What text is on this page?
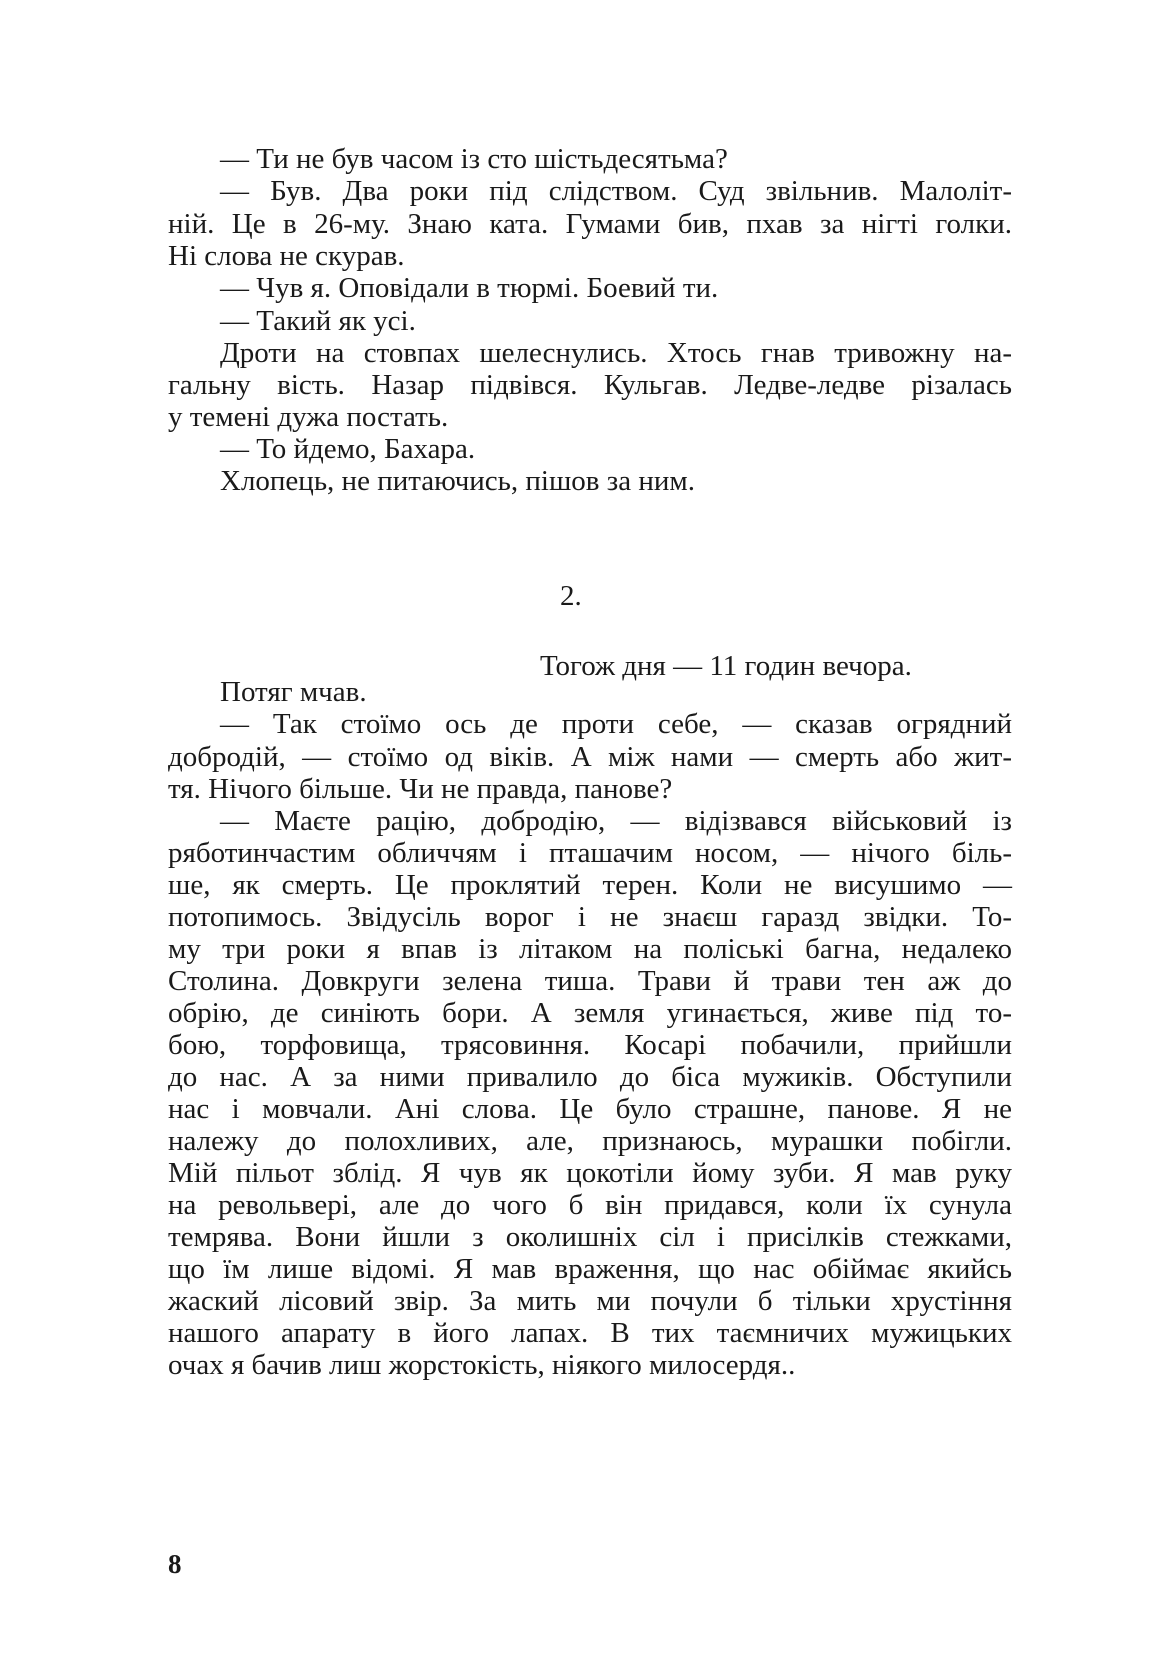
— Ти не був часом із сто шістьдесятьма?
— Був. Два роки під слідством. Суд звільнив. Малоліт-
ній. Це в 26-му. Знаю ката. Гумами бив, пхав за нігті голки.
Ні слова не скурав.
— Чув я. Оповідали в тюрмі. Боевий ти.
— Такий як усі.
Дроти на стовпах шелеснулись. Хтось гнав тривожну на-
гальну вість. Назар підвівся. Кульгав. Ледве-ледве різалась
у темені дужа постать.
— То йдемо, Бахара.
Хлопець, не питаючись, пішов за ним.
2.
Тогож дня — 11 годин вечора.
Потяг мчав.
— Так стоїмо ось де проти себе, — сказав огрядний
добродій, — стоїмо од віків. А між нами — смерть або жит-
тя. Нічого більше. Чи не правда, панове?
— Маєте рацію, добродію, — відізвався військовий із
ряботинчастим обличчям і пташачим носом, — нічого біль-
ше, як смерть. Це проклятий терен. Коли не висушимо —
потопимось. Звідусіль ворог і не знаєш гаразд звідки. То-
му три роки я впав із літаком на поліські багна, недалеко
Столина. Довкруги зелена тиша. Трави й трави тен аж до
обрію, де синіють бори. А земля угинається, живе під то-
бою, торфовища, трясовиння. Косарі побачили, прийшли
до нас. А за ними привалило до біса мужиків. Обступили
нас і мовчали. Ані слова. Це було страшне, панове. Я не
належу до полохливих, але, признаюсь, мурашки побігли.
Мій пільот зблід. Я чув як цокотіли йому зуби. Я мав руку
на револьвері, але до чого б він придався, коли їх сунула
темрява. Вони йшли з околишніх сіл і присілків стежками,
що їм лише відомі. Я мав враження, що нас обіймає якийсь
жаский лісовий звір. За мить ми почули б тільки хрустіння
нашого апарату в його лапах. В тих таємничих мужицьких
очах я бачив лиш жорстокість, ніякого милосердя..
8
